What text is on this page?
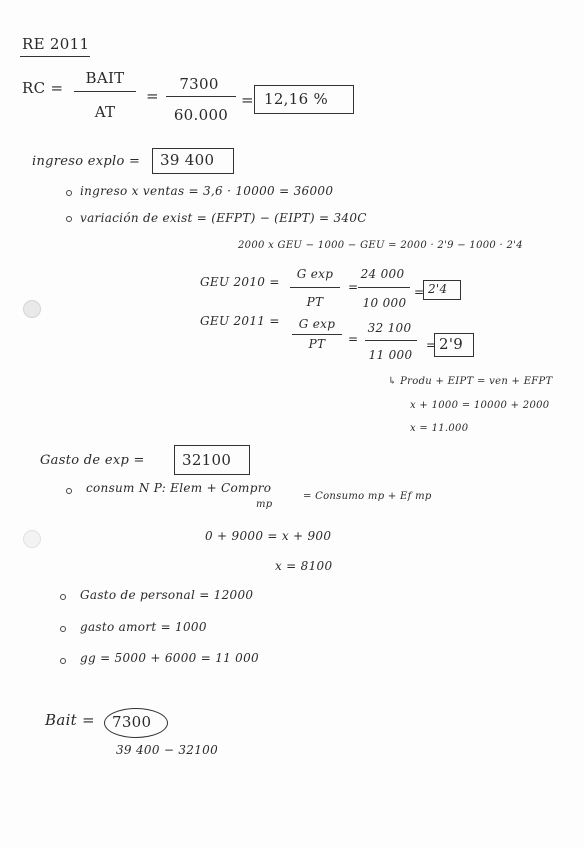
RE 2011
RC =
BAIT
AT
=
7300
60.000
= 12,16 %
ingreso explo = 39 400
ingreso x ventas = 3,6 · 10000 = 36000
variación de exist = (EFPT) − (EIPT) = 340C
2000 x GEU − 1000 − GEU = 2000 · 2'9 − 1000 · 2'4
GEU 2010 =
G exp
PT
=
24 000
10 000
= 2'4
GEU 2011 =	G exp
PT	=
32 100
11 000
= 2'9
↳ Produ + EIPT = ven + EFPT
x + 1000 = 10000 + 2000
x = 11.000
Gasto de exp = 32100
consum N P: Elem + Compro
mp
= Consumo mp + Ef mp
0 + 9000 = x + 900
x = 8100
Gasto de personal = 12000
gasto amort = 1000
gg = 5000 + 6000 = 11 000
Bait = 7300
39 400 − 32100
